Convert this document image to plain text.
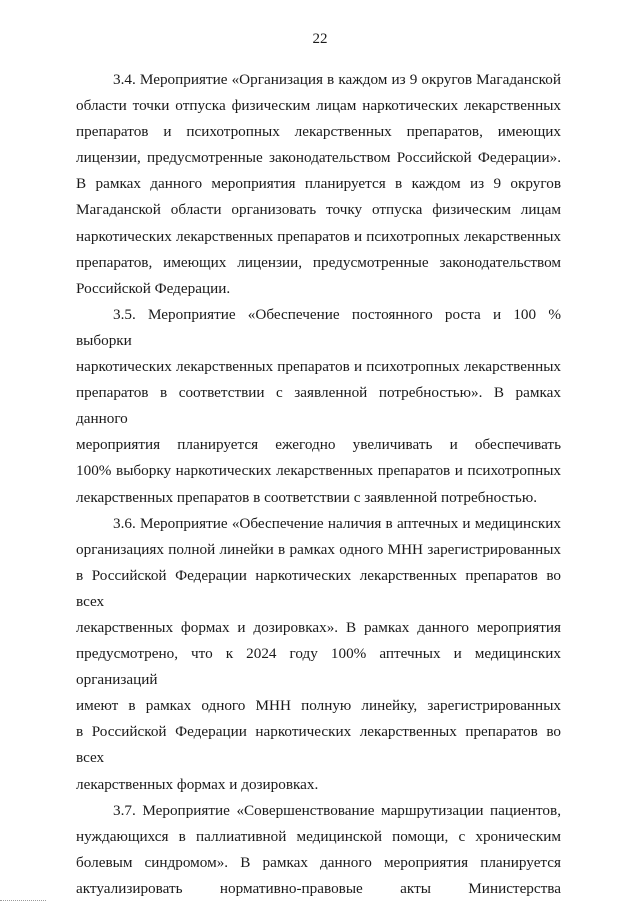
22
3.4. Мероприятие «Организация в каждом из 9 округов Магаданской
области точки отпуска физическим лицам наркотических лекарственных
препаратов и психотропных лекарственных препаратов, имеющих
лицензии, предусмотренные законодательством Российской Федерации».
В рамках данного мероприятия планируется в каждом из 9 округов
Магаданской области организовать точку отпуска физическим лицам
наркотических лекарственных препаратов и психотропных лекарственных
препаратов, имеющих лицензии, предусмотренные законодательством
Российской Федерации.
3.5. Мероприятие «Обеспечение постоянного роста и 100 % выборки
наркотических лекарственных препаратов и психотропных лекарственных
препаратов в соответствии с заявленной потребностью». В рамках данного
мероприятия планируется ежегодно увеличивать и обеспечивать
100% выборку наркотических лекарственных препаратов и психотропных
лекарственных препаратов в соответствии с заявленной потребностью.
3.6. Мероприятие «Обеспечение наличия в аптечных и медицинских
организациях полной линейки в рамках одного МНН зарегистрированных
в Российской Федерации наркотических лекарственных препаратов во всех
лекарственных формах и дозировках». В рамках данного мероприятия
предусмотрено, что к 2024 году 100% аптечных и медицинских организаций
имеют в рамках одного МНН полную линейку, зарегистрированных
в Российской Федерации наркотических лекарственных препаратов во всех
лекарственных формах и дозировках.
3.7. Мероприятие «Совершенствование маршрутизации пациентов,
нуждающихся в паллиативной медицинской помощи, с хроническим
болевым синдромом». В рамках данного мероприятия планируется
актуализировать нормативно-правовые акты Министерства
